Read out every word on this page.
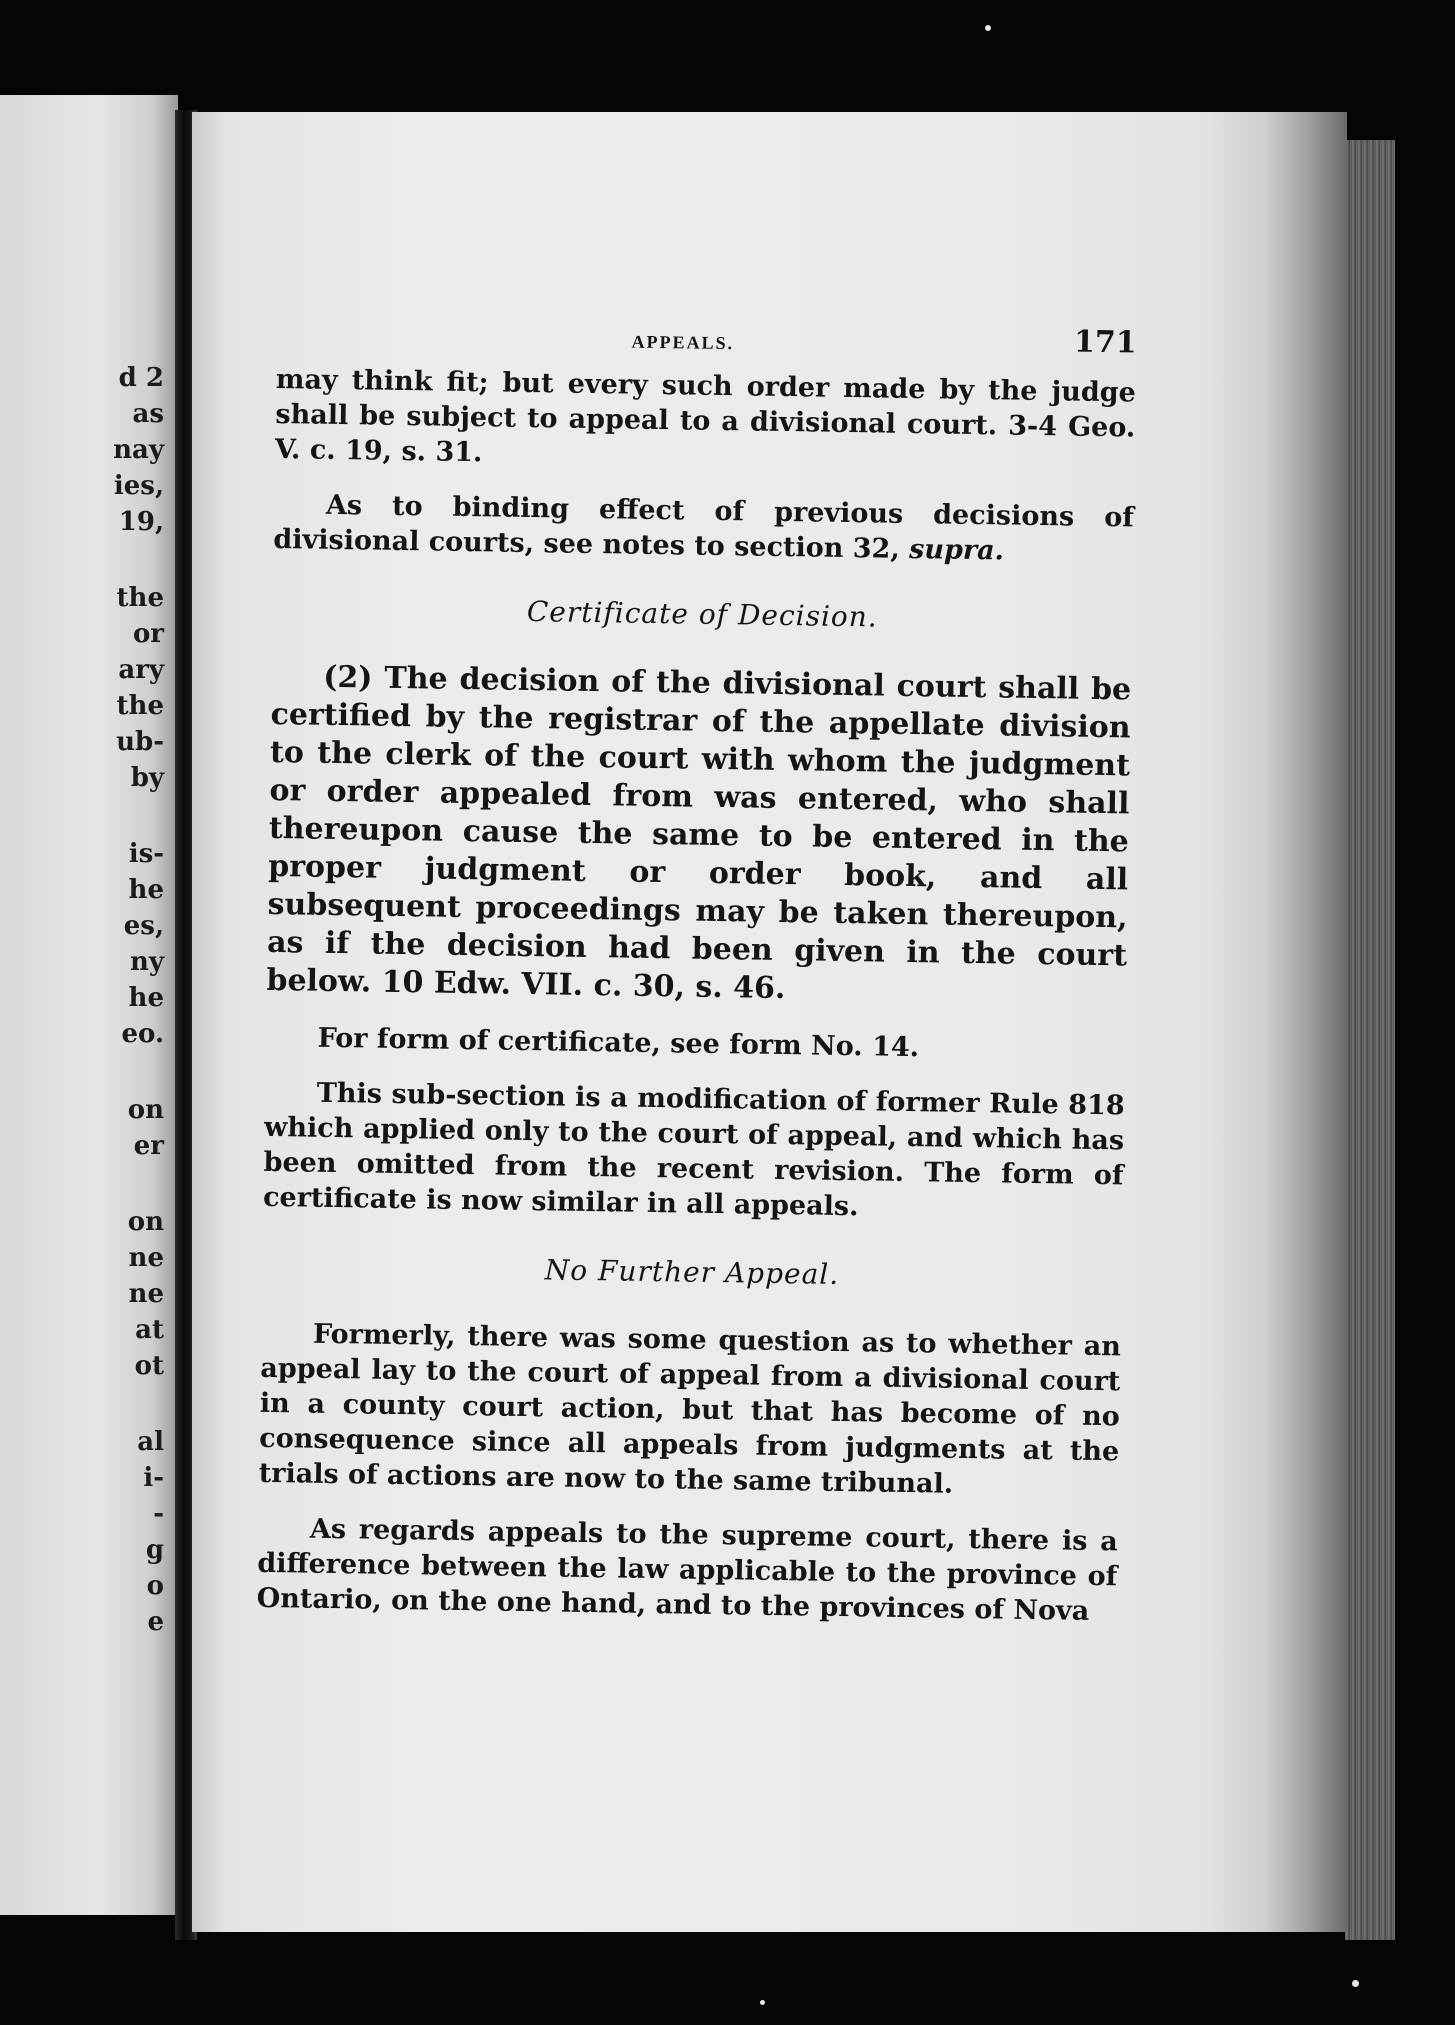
d 2
as
nay
ies,
19,
the
or
ary
the
ub-
by
is-
he
es,
ny
he
eo.
on
er
on
ne
ne
at
ot
al
i-
-
g
o
e
APPEALS.	171

may think fit; but every such order made by the judge shall be subject to appeal to a divisional court. 3-4 Geo. V. c. 19, s. 31.

As to binding effect of previous decisions of divisional courts, see notes to section 32, supra.

Certificate of Decision.

(2) The decision of the divisional court shall be certified by the registrar of the appellate division to the clerk of the court with whom the judgment or order appealed from was entered, who shall thereupon cause the same to be entered in the proper judgment or order book, and all subsequent proceedings may be taken thereupon, as if the decision had been given in the court below. 10 Edw. VII. c. 30, s. 46.

For form of certificate, see form No. 14.

This sub-section is a modification of former Rule 818 which applied only to the court of appeal, and which has been omitted from the recent revision. The form of certificate is now similar in all appeals.

No Further Appeal.

Formerly, there was some question as to whether an appeal lay to the court of appeal from a divisional court in a county court action, but that has become of no consequence since all appeals from judgments at the trials of actions are now to the same tribunal.

As regards appeals to the supreme court, there is a difference between the law applicable to the province of Ontario, on the one hand, and to the provinces of Nova
